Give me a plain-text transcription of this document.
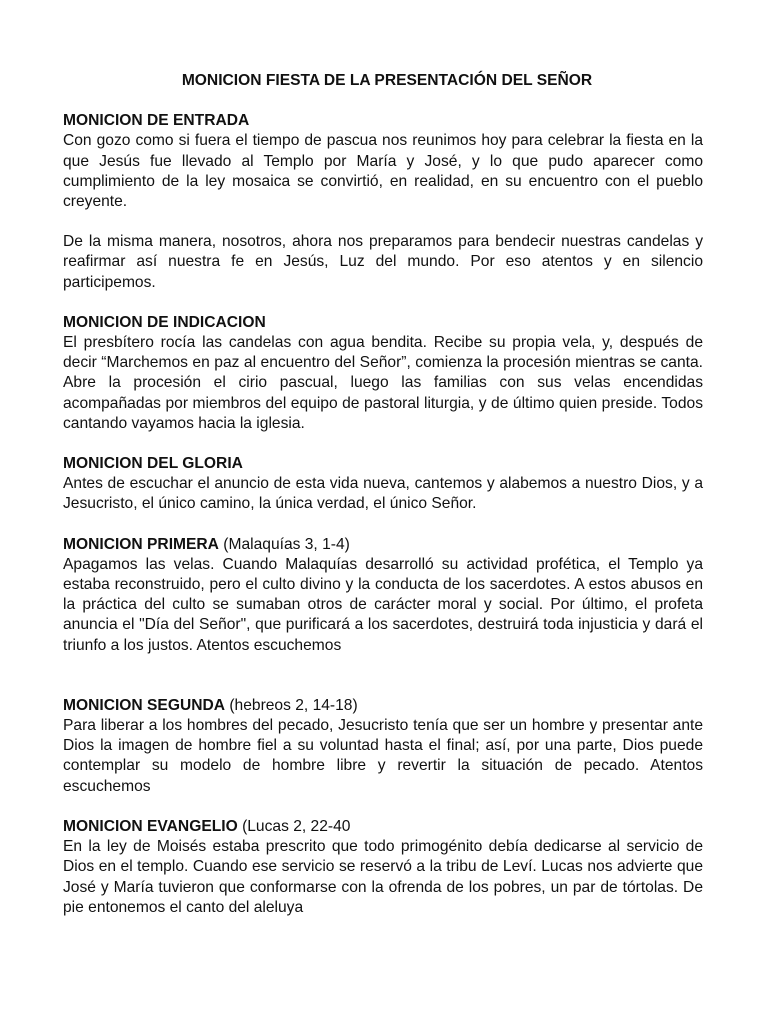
MONICION FIESTA DE LA PRESENTACIÓN DEL SEÑOR

MONICION DE ENTRADA

Con gozo como si fuera el tiempo de pascua nos reunimos hoy para celebrar la fiesta en la que Jesús fue llevado al Templo por María y José, y lo que pudo aparecer como cumplimiento de la ley mosaica se convirtió, en realidad, en su encuentro con el pueblo creyente.

De la misma manera, nosotros, ahora nos preparamos para bendecir nuestras candelas y reafirmar así nuestra fe en Jesús, Luz del mundo. Por eso atentos y en silencio participemos.

MONICION DE INDICACION

El presbítero rocía las candelas con agua bendita. Recibe su propia vela, y, después de decir “Marchemos en paz al encuentro del Señor”, comienza la procesión mientras se canta. Abre la procesión el cirio pascual, luego las familias con sus velas encendidas acompañadas por miembros del equipo de pastoral liturgia, y de último quien preside. Todos cantando vayamos hacia la iglesia.

MONICION DEL GLORIA

Antes de escuchar el anuncio de esta vida nueva, cantemos y alabemos a nuestro Dios, y a Jesucristo, el único camino, la única verdad, el único Señor.

MONICION PRIMERA (Malaquías 3, 1-4)

Apagamos las velas. Cuando Malaquías desarrolló su actividad profética, el Templo ya estaba reconstruido, pero el culto divino y la conducta de los sacerdotes. A estos abusos en la práctica del culto se sumaban otros de carácter moral y social. Por último, el profeta anuncia el "Día del Señor", que purificará a los sacerdotes, destruirá toda injusticia y dará el triunfo a los justos. Atentos escuchemos

MONICION SEGUNDA (hebreos 2, 14-18)

Para liberar a los hombres del pecado, Jesucristo tenía que ser un hombre y presentar ante Dios la imagen de hombre fiel a su voluntad hasta el final; así, por una parte, Dios puede contemplar su modelo de hombre libre y revertir la situación de pecado. Atentos escuchemos

MONICION EVANGELIO (Lucas 2, 22-40

En la ley de Moisés estaba prescrito que todo primogénito debía dedicarse al servicio de Dios en el templo. Cuando ese servicio se reservó a la tribu de Leví. Lucas nos advierte que José y María tuvieron que conformarse con la ofrenda de los pobres, un par de tórtolas. De pie entonemos el canto del aleluya
